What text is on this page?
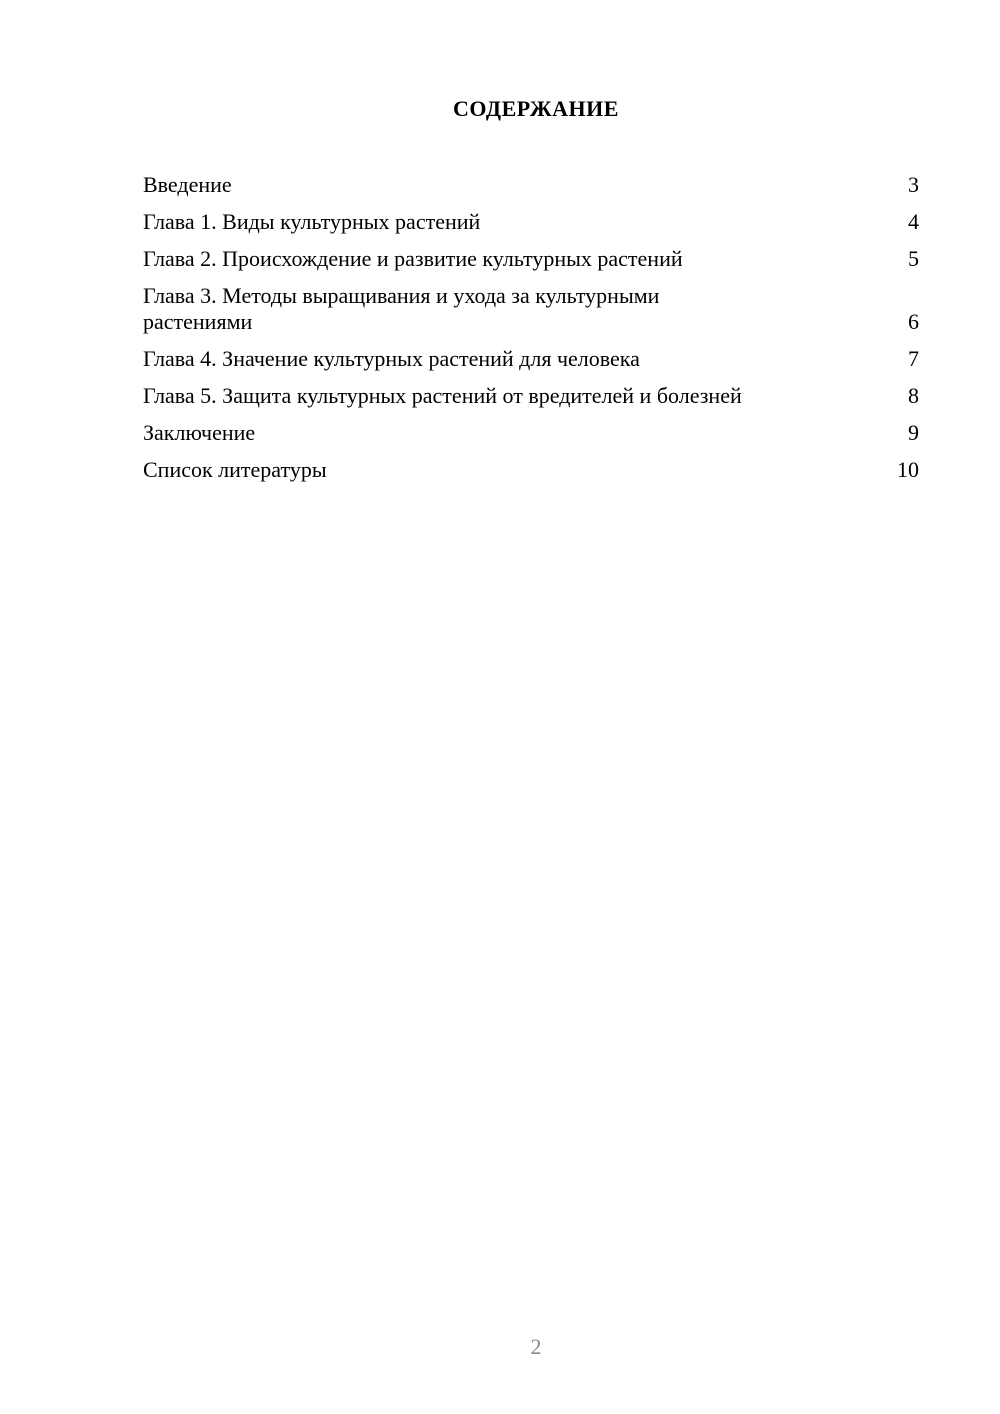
СОДЕРЖАНИЕ
Введение	3
Глава 1. Виды культурных растений	4
Глава 2. Происхождение и развитие культурных растений	5
Глава 3. Методы выращивания и ухода за культурными растениями	6
Глава 4. Значение культурных растений для человека	7
Глава 5. Защита культурных растений от вредителей и болезней	8
Заключение	9
Список литературы	10
2
